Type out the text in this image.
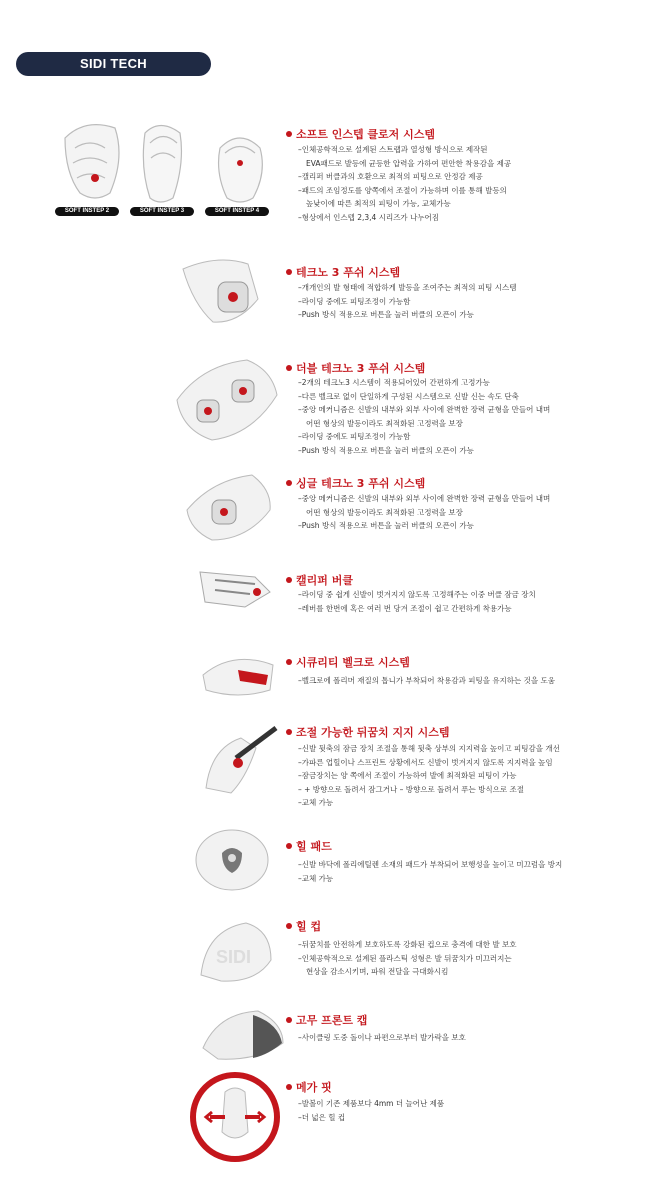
SIDI TECH
SOFT INSTEP 2	SOFT INSTEP 3	SOFT INSTEP 4
소프트 인스텝 클로저 시스템
–인체공학적으로 설계된 스트랩과 열성형 방식으로 제작된
EVA패드로 발등에 균등한 압력을 가하여 편안한 착용감을 제공
–캘리퍼 버클과의 호환으로 최적의 피팅으로 안정감 제공
–패드의 조임정도를 양쪽에서 조절이 가능하며 이를 통해 발등의
높낮이에 따른 최적의 피팅이 가능, 교체가능
–형상에서 인스텝 2,3,4 시리즈가 나누어짐
테크노 3 푸쉬 시스템
–개개인의 발 형태에 적합하게 발등을 조여주는 최적의 피팅 시스템
–라이딩 중에도 피팅조정이 가능함
–Push 방식 적용으로 버튼을 눌러 버클의 오픈이 가능
더블 테크노 3 푸쉬 시스템
–2개의 테크노3 시스템이 적용되어있어 간편하게 고정가능
–다른 벨크로 없이 단일하게 구성된 시스템으로 신발 신는 속도 단축
–중앙 메커니즘은 신발의 내부와 외부 사이에 완벽한 장력 균형을 만들어 내며
어떤 형상의 발등이라도 최적화된 고정력을 보장
–라이딩 중에도 피팅조정이 가능함
–Push 방식 적용으로 버튼을 눌러 버클의 오픈이 가능
싱글 테크노 3 푸쉬 시스템
–중앙 메커니즘은 신발의 내부와 외부 사이에 완벽한 장력 균형을 만들어 내며
어떤 형상의 발등이라도 최적화된 고정력을 보장
–Push 방식 적용으로 버튼을 눌러 버클의 오픈이 가능
캘리퍼 버클
–라이딩 중 쉽게 신발이 벗겨지지 않도록 고정해주는 이중 버클 잠금 장치
–레버를 한번에 혹은 여러 번 당겨 조절이 쉽고 간편하게 착용가능
시큐리티 벨크로 시스템
–벨크로에 폴리머 재질의 톱니가 부착되어 착용감과 피팅을 유지하는 것을 도움
조절 가능한 뒤꿈치 지지 시스템
–신발 뒷축의 잠금 장치 조절을 통해 뒷축 상부의 지지력을 높이고 피팅감을 개선
–가파른 업힐이나 스프린트 상황에서도 신발이 벗겨지지 않도록 지지력을 높임
–잠금장치는 양 쪽에서 조절이 가능하여 발에 최적화된 피팅이 가능
– + 방향으로 돌려서 잠그거나 – 방향으로 돌려서 푸는 방식으로 조절
–교체 가능
힐 패드
–신발 바닥에 폴리에틸렌 소재의 패드가 부착되어 보행성을 높이고 미끄럼을 방지
–교체 가능
SIDI
힐 컵
–뒤꿈치를 안전하게 보호하도록 강화된 컵으로 충격에 대한 발 보호
–인체공학적으로 설계된 플라스틱 성형은 발 뒤꿈치가 미끄러지는
현상을 감소시키며, 파워 전달을 극대화시킴
고무 프론트 캡
–사이클링 도중 돌이나 파편으로부터 발가락을 보호
메가 핏
–발볼이 기존 제품보다 4mm 더 늘어난 제품
–더 넓은 힐 컵
